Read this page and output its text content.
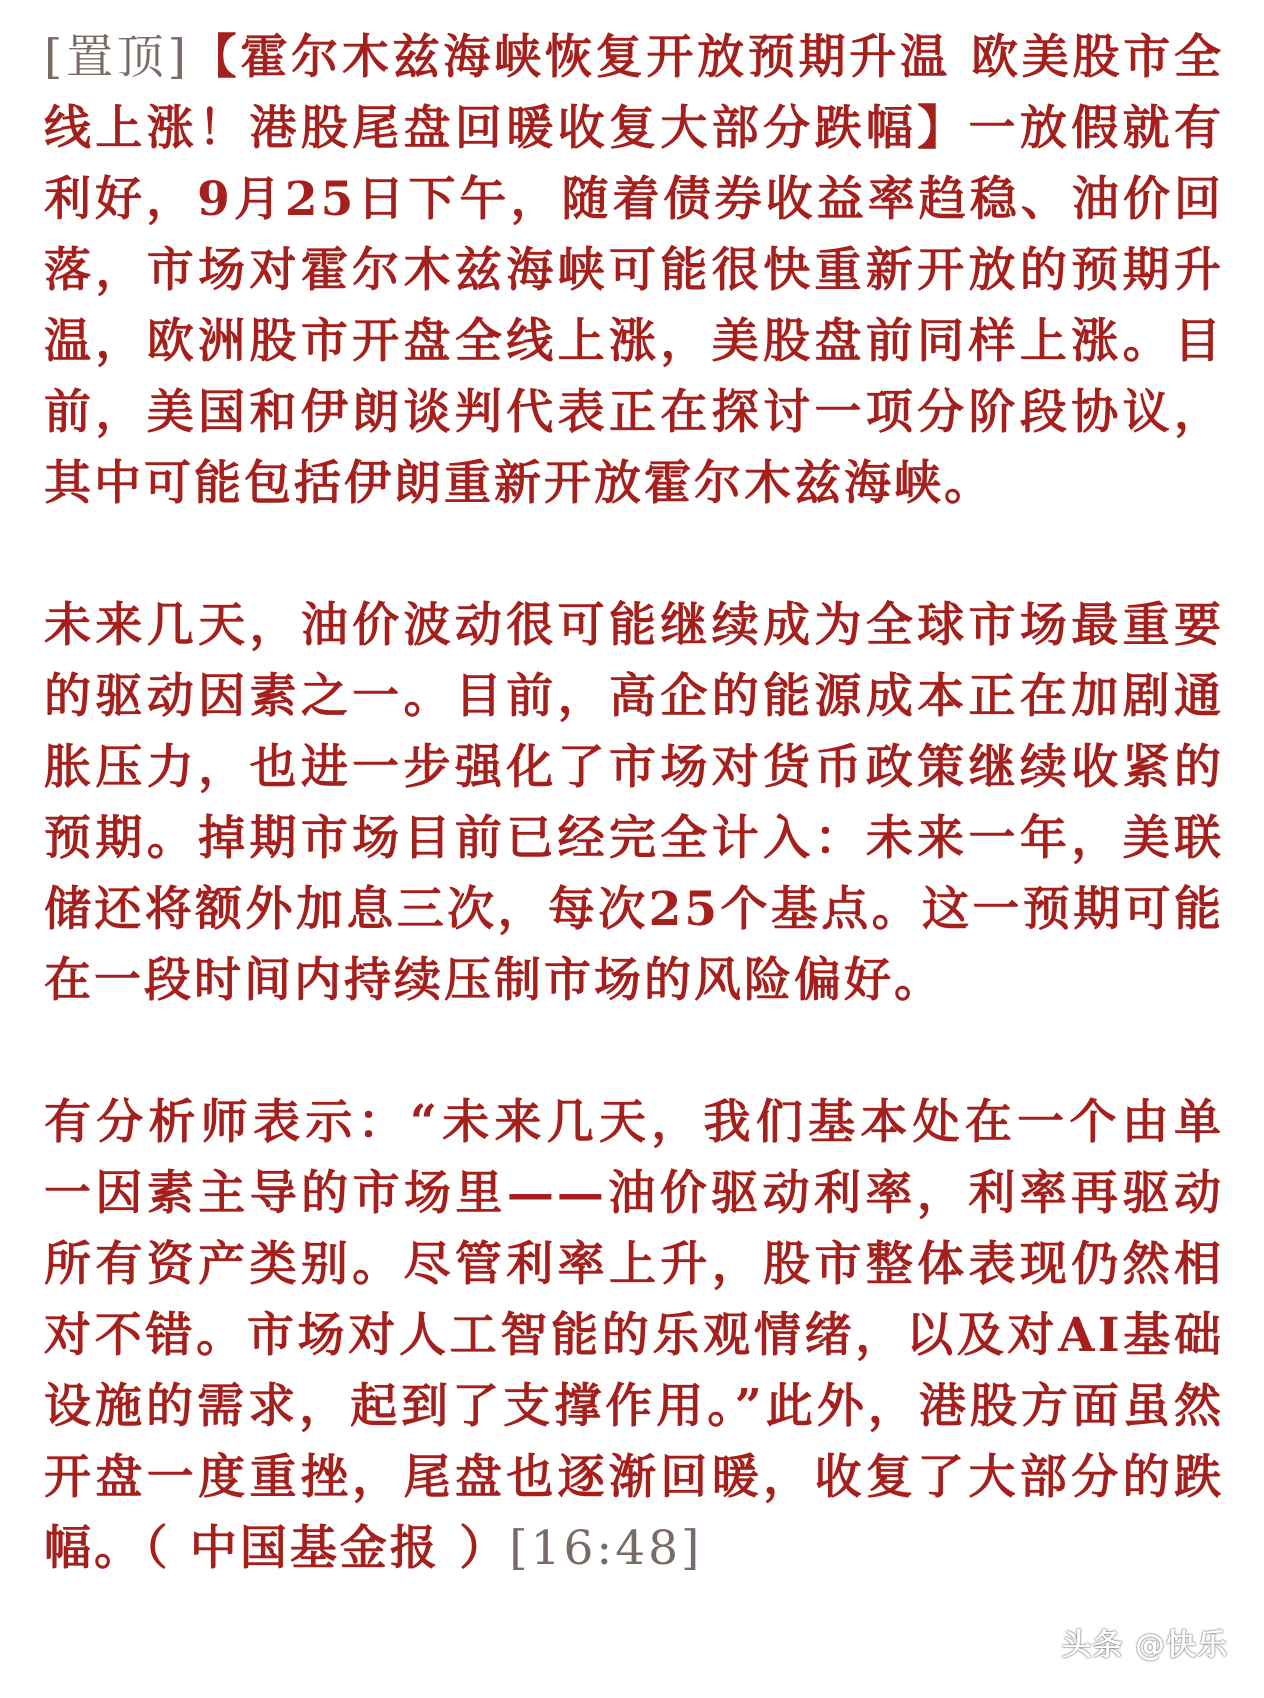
[置顶]【霍尔木兹海峡恢复开放预期升温 欧美股市全线上涨！港股尾盘回暖收复大部分跌幅】一放假就有利好，9月25日下午，随着债券收益率趋稳、油价回落，市场对霍尔木兹海峡可能很快重新开放的预期升温，欧洲股市开盘全线上涨，美股盘前同样上涨。目前，美国和伊朗谈判代表正在探讨一项分阶段协议，其中可能包括伊朗重新开放霍尔木兹海峡。

未来几天，油价波动很可能继续成为全球市场最重要的驱动因素之一。目前，高企的能源成本正在加剧通胀压力，也进一步强化了市场对货币政策继续收紧的预期。掉期市场目前已经完全计入：未来一年，美联储还将额外加息三次，每次25个基点。这一预期可能在一段时间内持续压制市场的风险偏好。

有分析师表示：“未来几天，我们基本处在一个由单一因素主导的市场里——油价驱动利率，利率再驱动所有资产类别。尽管利率上升，股市整体表现仍然相对不错。市场对人工智能的乐观情绪，以及对AI基础设施的需求，起到了支撑作用。”此外，港股方面虽然开盘一度重挫，尾盘也逐渐回暖，收复了大部分的跌幅。（ 中国基金报 ）[16:48]

头条 @快乐
